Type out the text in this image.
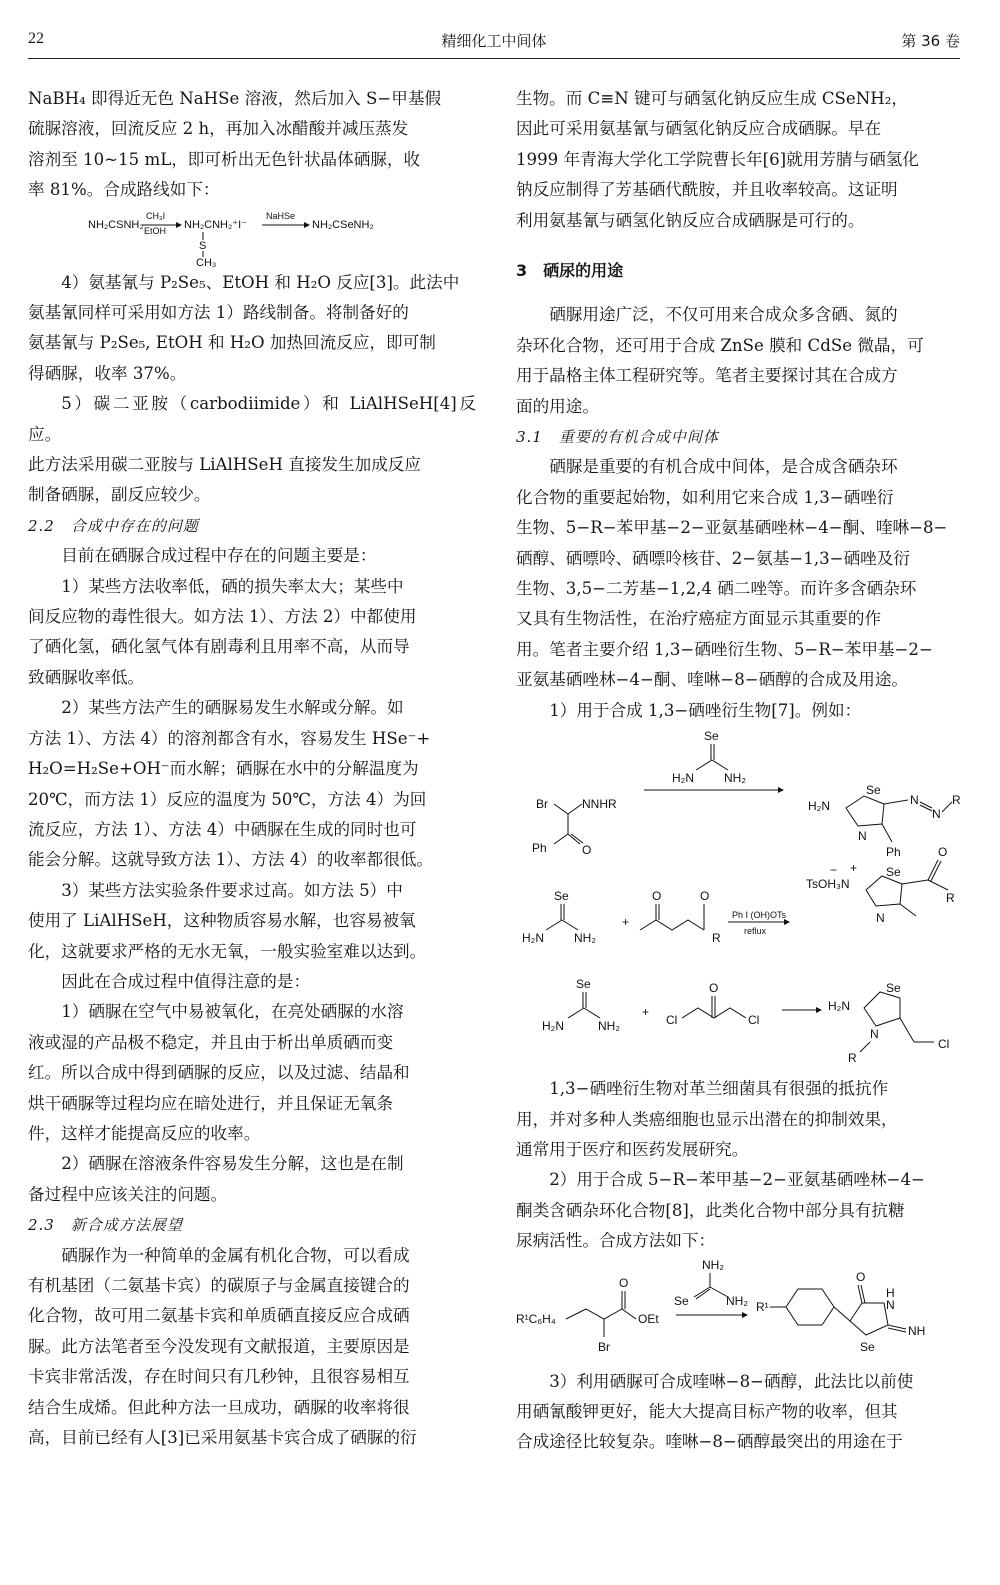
22	精细化工中间体	第 36 卷

NaBH₄ 即得近无色 NaHSe 溶液，然后加入 S−甲基假
硫脲溶液，回流反应 2 h，再加入冰醋酸并减压蒸发
溶剂至 10~15 mL，即可析出无色针状晶体硒脲，收
率 81%。合成路线如下：

NH₂CSNH₂
CH₃I
EtOH NH₂CNH₂⁺I⁻
S
CH₃
NaHSe
NH₂CSeNH₂

4）氨基氰与 P₂Se₅、EtOH 和 H₂O 反应[3]。此法中
氨基氰同样可采用如方法 1）路线制备。将制备好的
氨基氰与 P₂Se₅, EtOH 和 H₂O 加热回流反应，即可制
得硒脲，收率 37%。

5）碳二亚胺（carbodiimide）和 LiAlHSeH[4]反应。
此方法采用碳二亚胺与 LiAlHSeH 直接发生加成反应
制备硒脲，副反应较少。

2.2　合成中存在的问题

目前在硒脲合成过程中存在的问题主要是：

1）某些方法收率低，硒的损失率太大；某些中
间反应物的毒性很大。如方法 1）、方法 2）中都使用
了硒化氢，硒化氢气体有剧毒利且用率不高，从而导
致硒脲收率低。

2）某些方法产生的硒脲易发生水解或分解。如
方法 1）、方法 4）的溶剂都含有水，容易发生 HSe⁻+
H₂O=H₂Se+OH⁻而水解；硒脲在水中的分解温度为
20℃，而方法 1）反应的温度为 50℃，方法 4）为回
流反应，方法 1）、方法 4）中硒脲在生成的同时也可
能会分解。这就导致方法 1）、方法 4）的收率都很低。

3）某些方法实验条件要求过高。如方法 5）中
使用了 LiAlHSeH，这种物质容易水解，也容易被氧
化，这就要求严格的无水无氧，一般实验室难以达到。

因此在合成过程中值得注意的是：

1）硒脲在空气中易被氧化，在亮处硒脲的水溶
液或湿的产品极不稳定，并且由于析出单质硒而变
红。所以合成中得到硒脲的反应，以及过滤、结晶和
烘干硒脲等过程均应在暗处进行，并且保证无氧条
件，这样才能提高反应的收率。

2）硒脲在溶液条件容易发生分解，这也是在制
备过程中应该关注的问题。

2.3　新合成方法展望

硒脲作为一种简单的金属有机化合物，可以看成
有机基团（二氨基卡宾）的碳原子与金属直接键合的
化合物，故可用二氨基卡宾和单质硒直接反应合成硒
脲。此方法笔者至今没发现有文献报道，主要原因是
卡宾非常活泼，存在时间只有几秒钟，且很容易相互
结合生成烯。但此种方法一旦成功，硒脲的收率将很
高，目前已经有人[3]已采用氨基卡宾合成了硒脲的衍

生物。而 C≡N 键可与硒氢化钠反应生成 CSeNH₂，
因此可采用氨基氰与硒氢化钠反应合成硒脲。早在
1999 年青海大学化工学院曹长年[6]就用芳腈与硒氢化
钠反应制得了芳基硒代酰胺，并且收率较高。这证明
利用氨基氰与硒氢化钠反应合成硒脲是可行的。

3　硒尿的用途

硒脲用途广泛，不仅可用来合成众多含硒、氮的
杂环化合物，还可用于合成 ZnSe 膜和 CdSe 微晶，可
用于晶格主体工程研究等。笔者主要探讨其在合成方
面的用途。

3.1　重要的有机合成中间体

硒脲是重要的有机合成中间体，是合成含硒杂环
化合物的重要起始物，如利用它来合成 1,3−硒唑衍
生物、5−R−苯甲基−2−亚氨基硒唑林−4−酮、喹啉−8−
硒醇、硒嘌呤、硒嘌呤核苷、2−氨基−1,3−硒唑及衍
生物、3,5−二芳基−1,2,4 硒二唑等。而许多含硒杂环
又具有生物活性，在治疗癌症方面显示其重要的作
用。笔者主要介绍 1,3−硒唑衍生物、5−R−苯甲基−2−
亚氨基硒唑林−4−酮、喹啉−8−硒醇的合成及用途。

1）用于合成 1,3−硒唑衍生物[7]。例如：

Br	NNHR
Ph	O
Se
H₂N	NH₂
H₂N
Se
N
Ph
N
N
R
Se
H₂N	NH₂
+
O	O
R
Ph I (OH)OTs
reflux
− +
TsOH₃N
Se
N
O
R
Se
H₂N	NH₂
+
Cl
O
Cl
H₂N
Se
N
R
Cl

1,3−硒唑衍生物对革兰细菌具有很强的抵抗作
用，并对多种人类癌细胞也显示出潜在的抑制效果，
通常用于医疗和医药发展研究。

2）用于合成 5−R−苯甲基−2−亚氨基硒唑林−4−
酮类含硒杂环化合物[8]，此类化合物中部分具有抗糖
尿病活性。合成方法如下：

R¹C₆H₄
Br
O
OEt
NH₂
Se	NH₂ R¹
O
H
N
Se
NH

3）利用硒脲可合成喹啉−8−硒醇，此法比以前使
用硒氰酸钾更好，能大大提高目标产物的收率，但其
合成途径比较复杂。喹啉−8−硒醇最突出的用途在于
